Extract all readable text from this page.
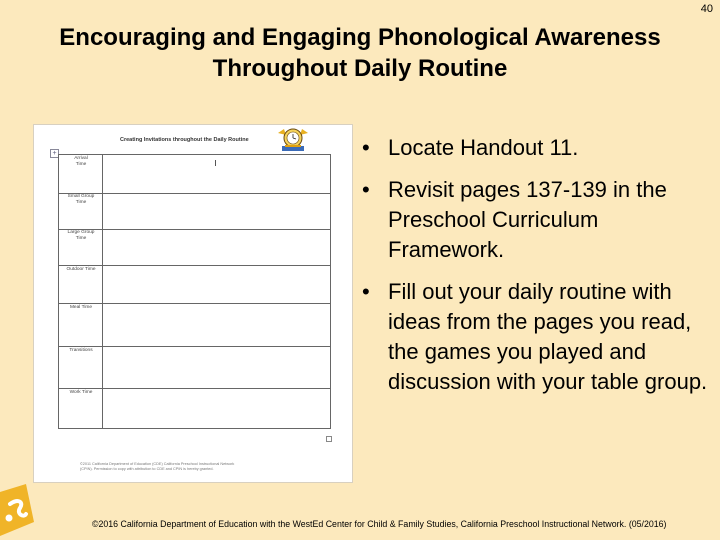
40
Encouraging and Engaging Phonological Awareness
Throughout Daily Routine
Creating Invitations throughout the Daily Routine
+
Arrival
Time
Small Group
Time
Large Group
Time
Outdoor Time
Meal Time
Transitions
Work Time
©2011 California Department of Education (CDE) California Preschool Instructional Network
(CPIN). Permission to copy with attribution to CDE and CPIN is hereby granted.
• Locate Handout 11.
• Revisit pages 137-139 in the Preschool Curriculum Framework.
• Fill out your daily routine with ideas from the pages you read, the games you played and discussion with your table group.
©2016 California Department of Education with the WestEd Center for Child & Family Studies, California Preschool Instructional Network. (05/2016)
